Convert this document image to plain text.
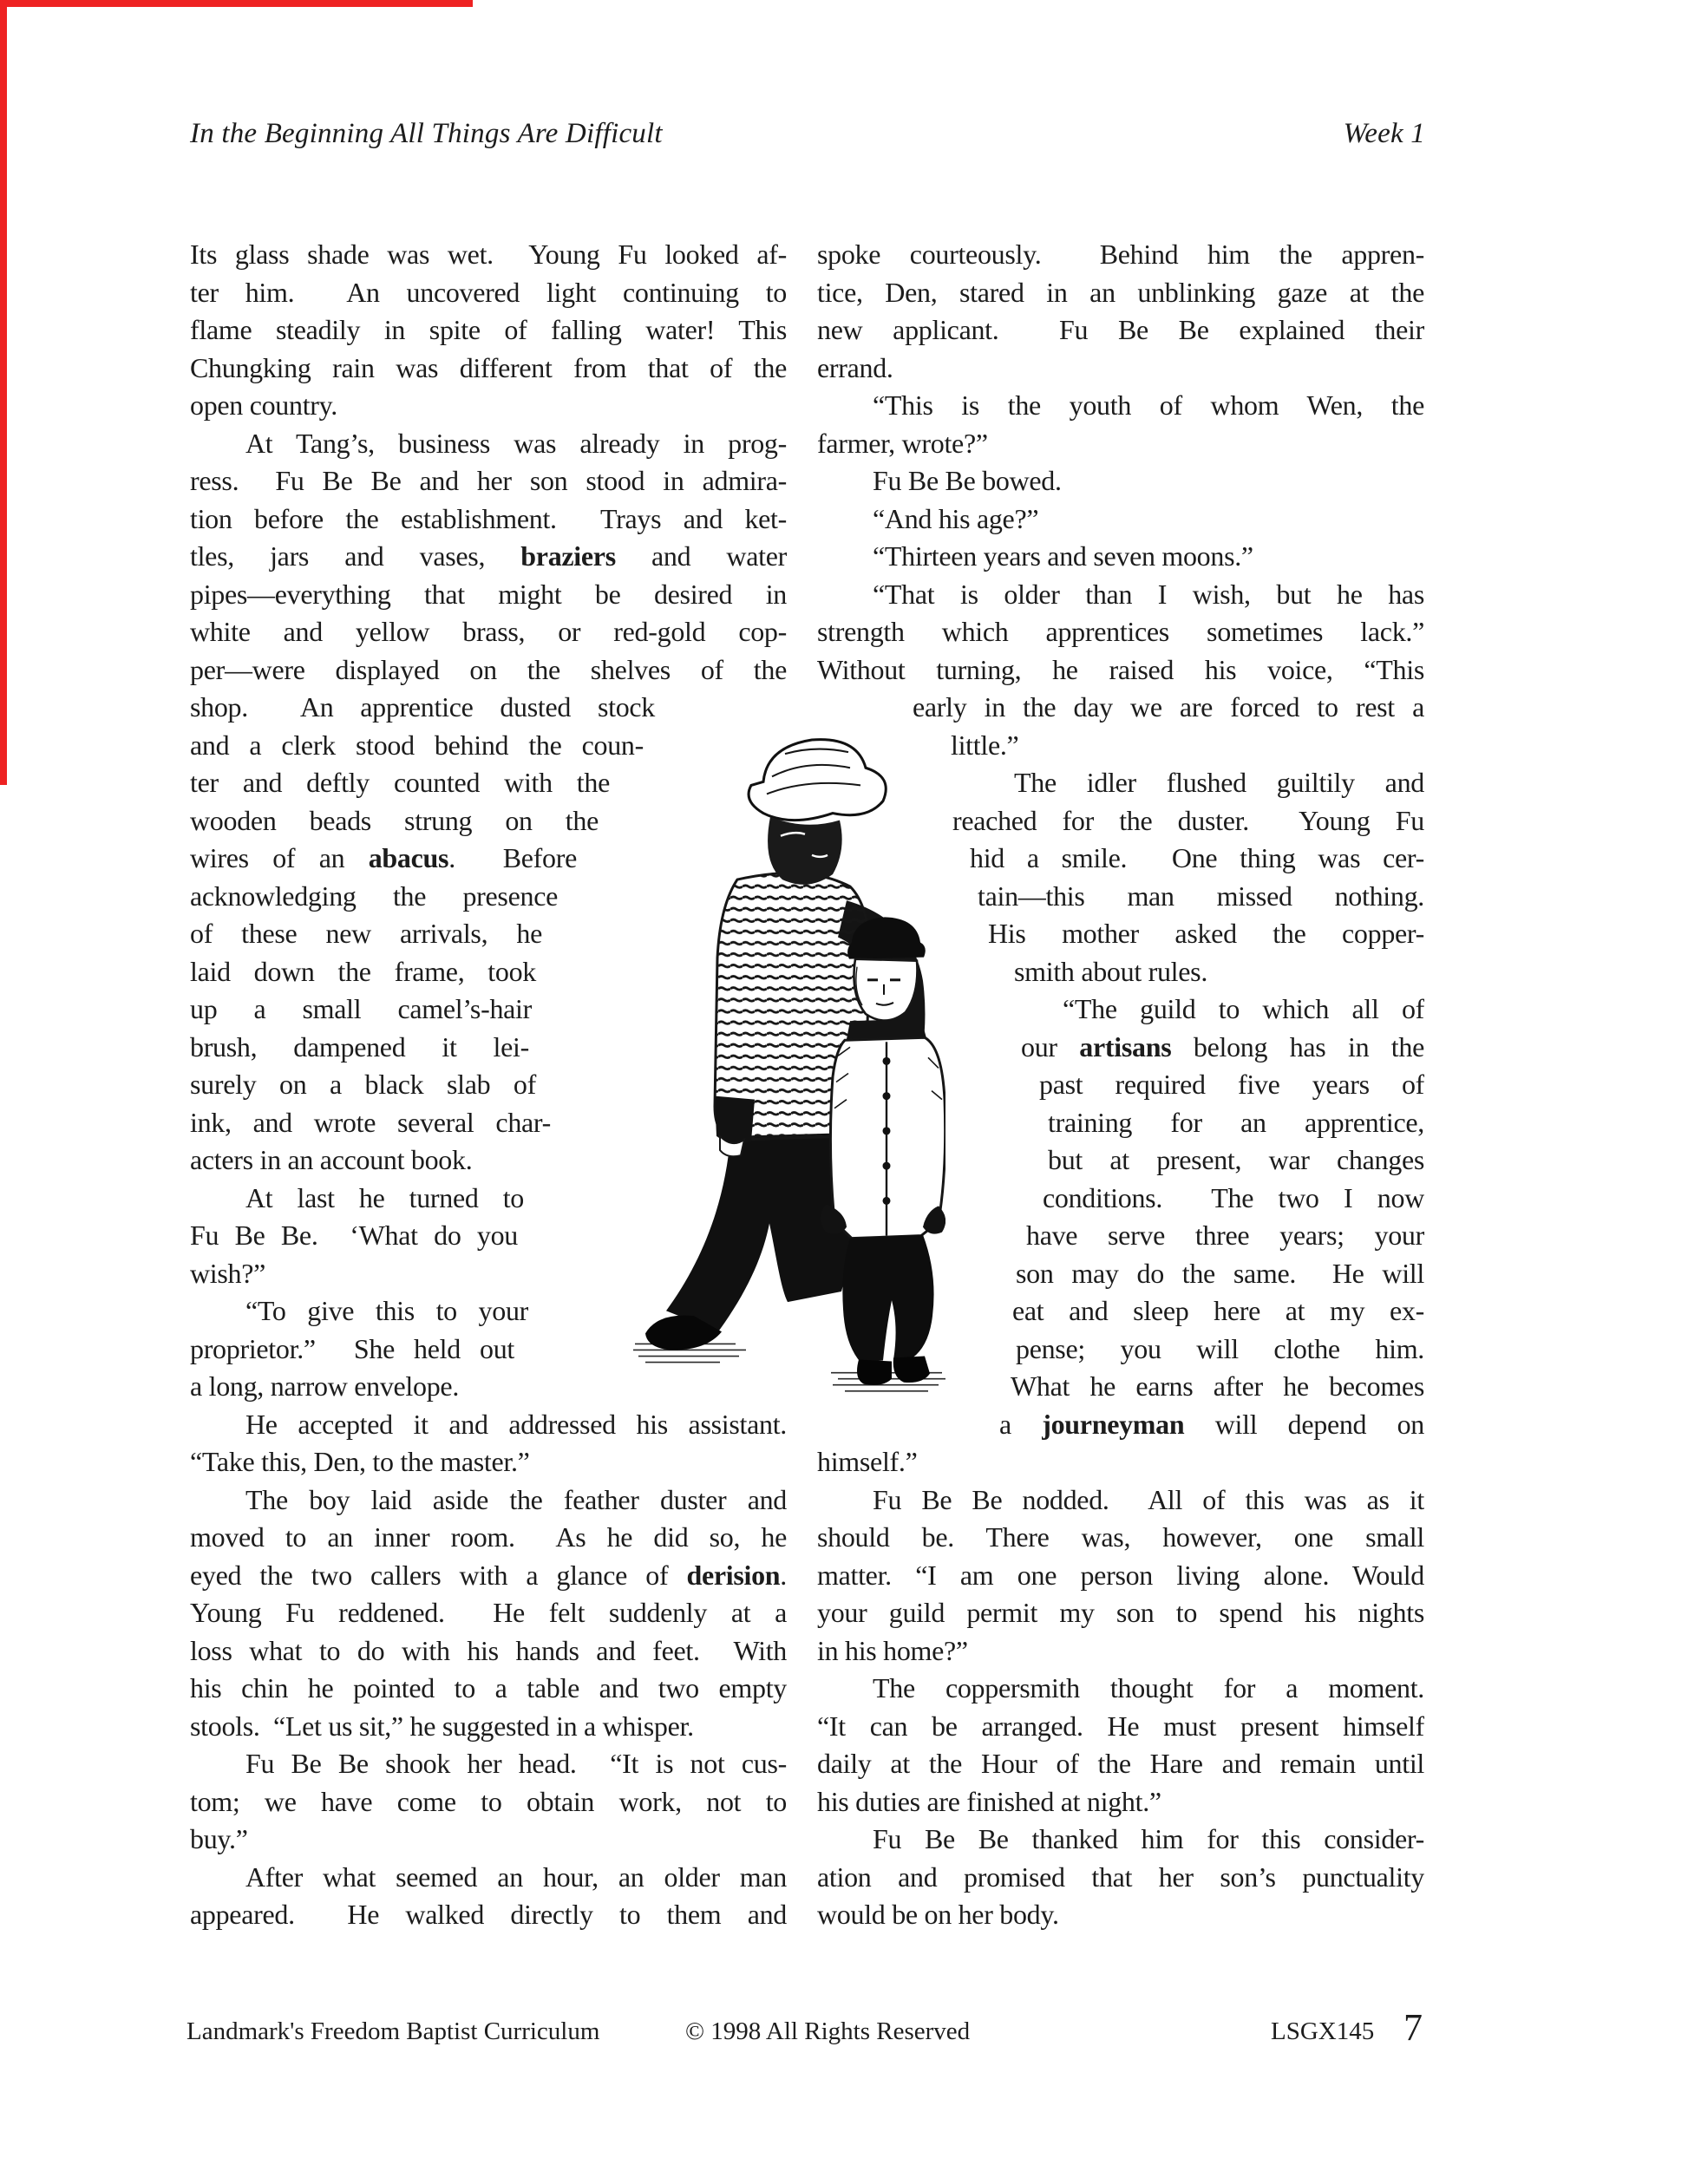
In the Beginning All Things Are Difficult	Week 1
Its glass shade was wet.  Young Fu looked af-
ter him.  An uncovered light continuing to
flame steadily in spite of falling water! This
Chungking rain was different from that of the
open country.
At Tang’s, business was already in prog-
ress.  Fu Be Be and her son stood in admira-
tion before the establishment.  Trays and ket-
tles, jars and vases, braziers and water
pipes—everything that might be desired in
white and yellow brass, or red-gold cop-
per—were displayed on the shelves of the
shop.  An apprentice dusted stock
and a clerk stood behind the coun-
ter and deftly counted with the
wooden beads strung on the
wires of an abacus.  Before
acknowledging the presence
of these new arrivals, he
laid down the frame, took
up a small camel’s-hair
brush, dampened it lei-
surely on a black slab of
ink, and wrote several char-
acters in an account book.
At last he turned to
Fu Be Be.  ‘What do you
wish?”
“To give this to your
proprietor.”  She held out
a long, narrow envelope.
He accepted it and addressed his assistant.
“Take this, Den, to the master.”
The boy laid aside the feather duster and
moved to an inner room.  As he did so, he
eyed the two callers with a glance of derision.
Young Fu reddened.  He felt suddenly at a
loss what to do with his hands and feet.  With
his chin he pointed to a table and two empty
stools.  “Let us sit,” he suggested in a whisper.
Fu Be Be shook her head.  “It is not cus-
tom; we have come to obtain work, not to
buy.”
After what seemed an hour, an older man
appeared.  He walked directly to them and
spoke courteously.  Behind him the appren-
tice, Den, stared in an unblinking gaze at the
new applicant.  Fu Be Be explained their
errand.
“This is the youth of whom Wen, the
farmer, wrote?”
Fu Be Be bowed.
“And his age?”
“Thirteen years and seven moons.”
“That is older than I wish, but he has
strength which apprentices sometimes lack.”
Without turning, he raised his voice, “This
early in the day we are forced to rest a
little.”
The idler flushed guiltily and
reached for the duster.  Young Fu
hid a smile.  One thing was cer-
tain—this man missed nothing.
His mother asked the copper-
smith about rules.
“The guild to which all of
our artisans belong has in the
past required five years of
training for an apprentice,
but at present, war changes
conditions.  The two I now
have serve three years; your
son may do the same.  He will
eat and sleep here at my ex-
pense; you will clothe him.
What he earns after he becomes
a journeyman will depend on
himself.”
Fu Be Be nodded.  All of this was as it
should be. There was, however, one small
matter. “I am one person living alone. Would
your guild permit my son to spend his nights
in his home?”
The coppersmith thought for a moment.
“It can be arranged. He must present himself
daily at the Hour of the Hare and remain until
his duties are finished at night.”
Fu Be Be thanked him for this consider-
ation and promised that her son’s punctuality
would be on her body.
Landmark's Freedom Baptist Curriculum	© 1998 All Rights Reserved	LSGX145 7
